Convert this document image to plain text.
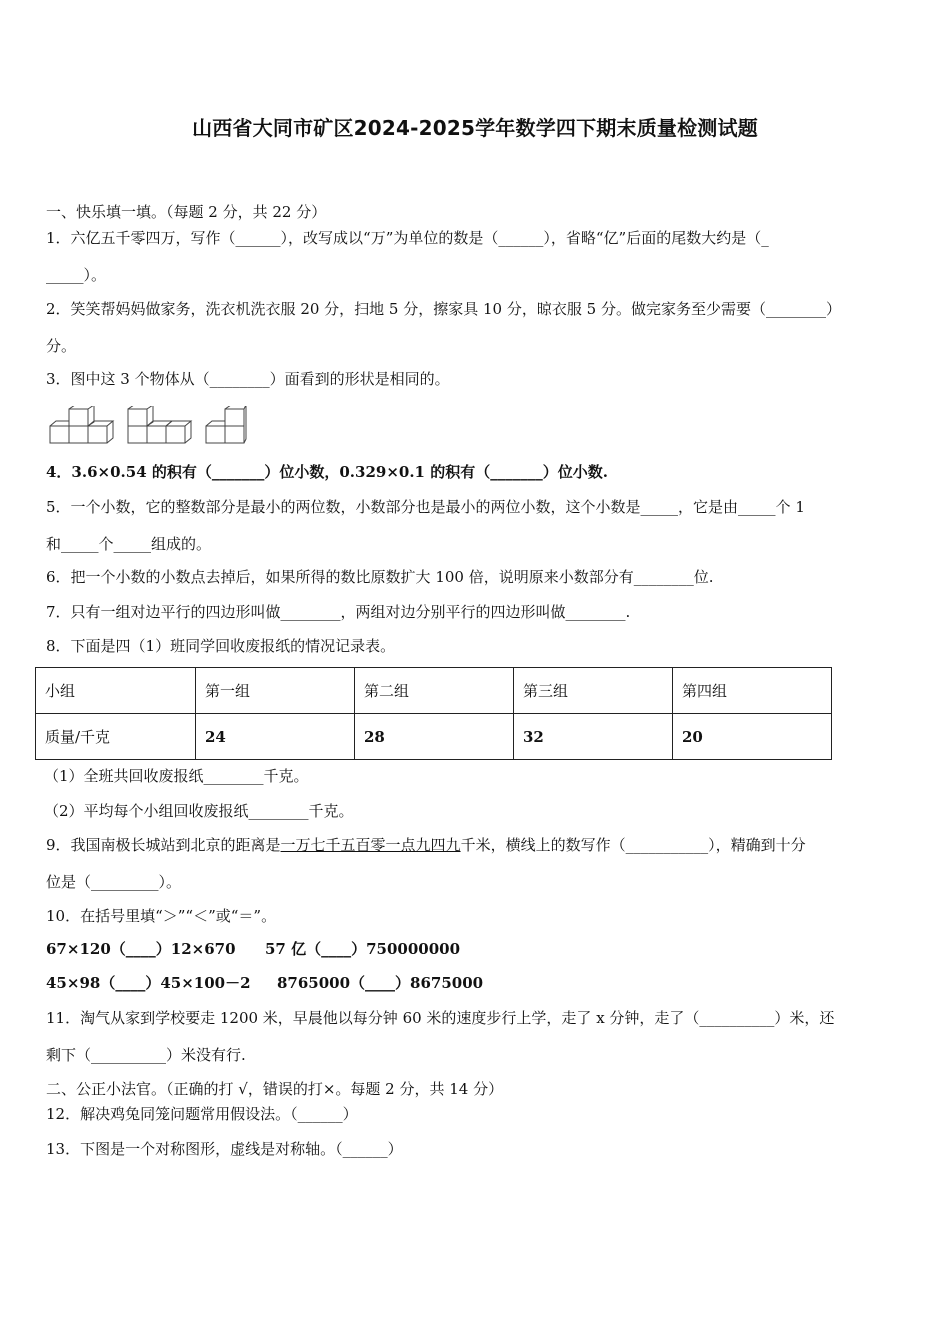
山西省大同市矿区2024-2025学年数学四下期末质量检测试题
一、快乐填一填。（每题 2 分，共 22 分）
1．六亿五千零四万，写作（______），改写成以“万”为单位的数是（______），省略“亿”后面的尾数大约是（_
_____）。
2．笑笑帮妈妈做家务，洗衣机洗衣服 20 分，扫地 5 分，擦家具 10 分，晾衣服 5 分。做完家务至少需要（________）
分。
3．图中这 3 个物体从（________）面看到的形状是相同的。
4．3.6×0.54 的积有（_______）位小数，0.329×0.1 的积有（_______）位小数.
5．一个小数，它的整数部分是最小的两位数，小数部分也是最小的两位小数，这个小数是_____，它是由_____个 1
和_____个_____组成的。
6．把一个小数的小数点去掉后，如果所得的数比原数扩大 100 倍，说明原来小数部分有________位.
7．只有一组对边平行的四边形叫做________，两组对边分别平行的四边形叫做________.
8．下面是四（1）班同学回收废报纸的情况记录表。
小组	第一组	第二组	第三组	第四组
质量/千克	24	28	32	20
（1）全班共回收废报纸________千克。
（2）平均每个小组回收废报纸________千克。
9．我国南极长城站到北京的距离是一万七千五百零一点九四九千米，横线上的数写作（___________），精确到十分
位是（_________）。
10．在括号里填“＞”“＜”或“＝”。
67×120（____）12×670 57 亿（____）750000000
45×98（____）45×100－2 8765000（____）8675000
11．淘气从家到学校要走 1200 米，早晨他以每分钟 60 米的速度步行上学，走了 x 分钟，走了（__________）米，还
剩下（__________）米没有行.
二、公正小法官。（正确的打 √，错误的打×。每题 2 分，共 14 分）
12．解决鸡兔同笼问题常用假设法。（______）
13．下图是一个对称图形，虚线是对称轴。（______）
